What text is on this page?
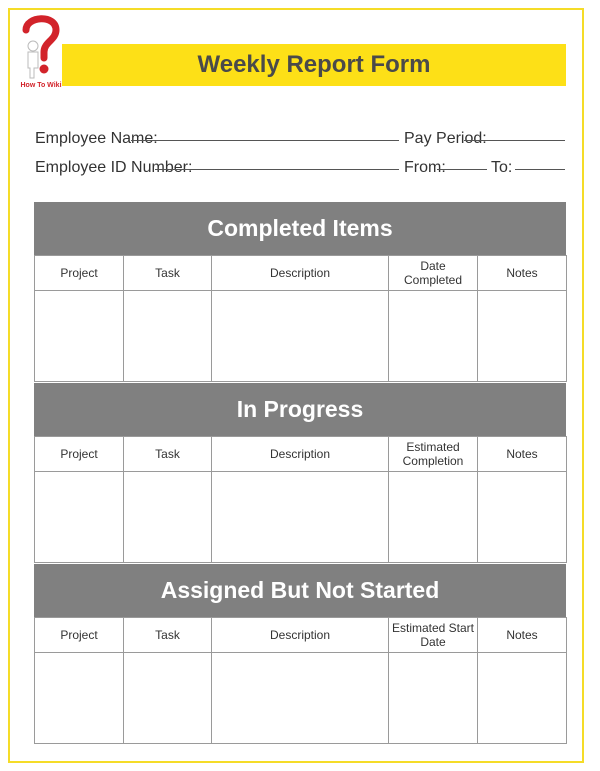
How To Wiki
Weekly Report Form
Employee Name:	Pay Period:
Employee ID Number:	From:	To:
Completed Items
Project	Task	Description	Date Completed	Notes

In Progress
Project	Task	Description	Estimated Completion	Notes

Assigned But Not Started
Project	Task	Description	Estimated Start Date	Notes
